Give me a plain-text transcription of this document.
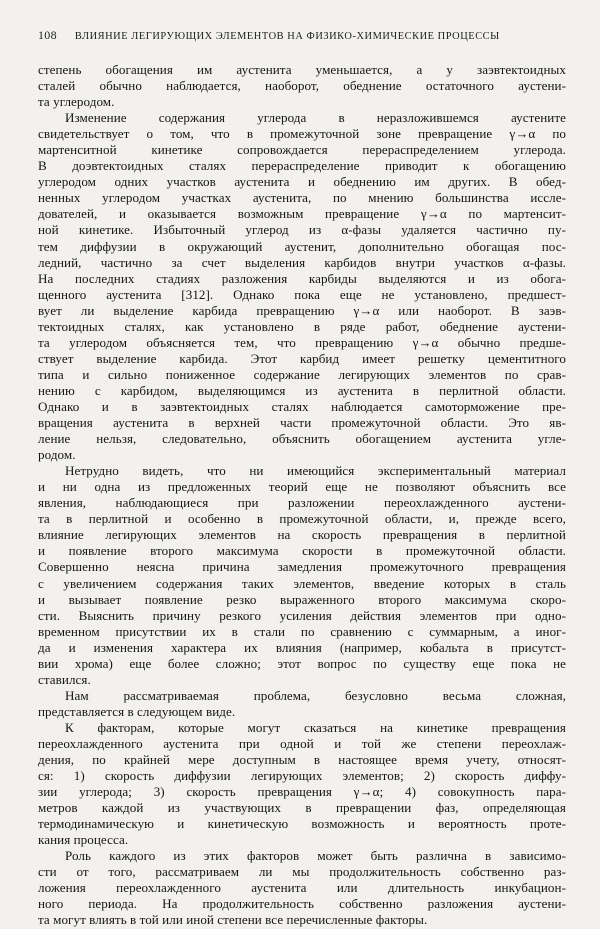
108 ВЛИЯНИЕ ЛЕГИРУЮЩИХ ЭЛЕМЕНТОВ НА ФИЗИКО-ХИМИЧЕСКИЕ ПРОЦЕССЫ

степень обогащения им аустенита уменьшается, а у заэвтектоидных
сталей обычно наблюдается, наоборот, обеднение остаточного аустени-
та углеродом.

Изменение содержания углерода в неразложившемся аустените
свидетельствует о том, что в промежуточной зоне превращение γ→α по
мартенситной кинетике сопровождается перераспределением углерода.
В доэвтектоидных сталях перераспределение приводит к обогащению
углеродом одних участков аустенита и обеднению им других. В обед-
ненных углеродом участках аустенита, по мнению большинства иссле-
дователей, и оказывается возможным превращение γ→α по мартенсит-
ной кинетике. Избыточный углерод из α-фазы удаляется частично пу-
тем диффузии в окружающий аустенит, дополнительно обогащая пос-
ледний, частично за счет выделения карбидов внутри участков α-фазы.
На последних стадиях разложения карбиды выделяются и из обога-
щенного аустенита [312]. Однако пока еще не установлено, предшест-
вует ли выделение карбида превращению γ→α или наоборот. В заэв-
тектоидных сталях, как установлено в ряде работ, обеднение аустени-
та углеродом объясняется тем, что превращению γ→α обычно предше-
ствует выделение карбида. Этот карбид имеет решетку цементитного
типа и сильно пониженное содержание легирующих элементов по срав-
нению с карбидом, выделяющимся из аустенита в перлитной области.
Однако и в заэвтектоидных сталях наблюдается самоторможение пре-
вращения аустенита в верхней части промежуточной области. Это яв-
ление нельзя, следовательно, объяснить обогащением аустенита угле-
родом.

Нетрудно видеть, что ни имеющийся экспериментальный материал
и ни одна из предложенных теорий еще не позволяют объяснить все
явления, наблюдающиеся при разложении переохлажденного аустени-
та в перлитной и особенно в промежуточной области, и, прежде всего,
влияние легирующих элементов на скорость превращения в перлитной
и появление второго максимума скорости в промежуточной области.
Совершенно неясна причина замедления промежуточного превращения
с увеличением содержания таких элементов, введение которых в сталь
и вызывает появление резко выраженного второго максимума скоро-
сти. Выяснить причину резкого усиления действия элементов при одно-
временном присутствии их в стали по сравнению с суммарным, а иног-
да и изменения характера их влияния (например, кобальта в присутст-
вии хрома) еще более сложно; этот вопрос по существу еще пока не
ставился.

Нам рассматриваемая проблема, безусловно весьма сложная,
представляется в следующем виде.

К факторам, которые могут сказаться на кинетике превращения
переохлажденного аустенита при одной и той же степени переохлаж-
дения, по крайней мере доступным в настоящее время учету, относят-
ся: 1) скорость диффузии легирующих элементов; 2) скорость диффу-
зии углерода; 3) скорость превращения γ→α; 4) совокупность пара-
метров каждой из участвующих в превращении фаз, определяющая
термодинамическую и кинетическую возможность и вероятность проте-
кания процесса.

Роль каждого из этих факторов может быть различна в зависимо-
сти от того, рассматриваем ли мы продолжительность собственно раз-
ложения переохлажденного аустенита или длительность инкубацион-
ного периода. На продолжительность собственно разложения аустени-
та могут влиять в той или иной степени все перечисленные факторы.
